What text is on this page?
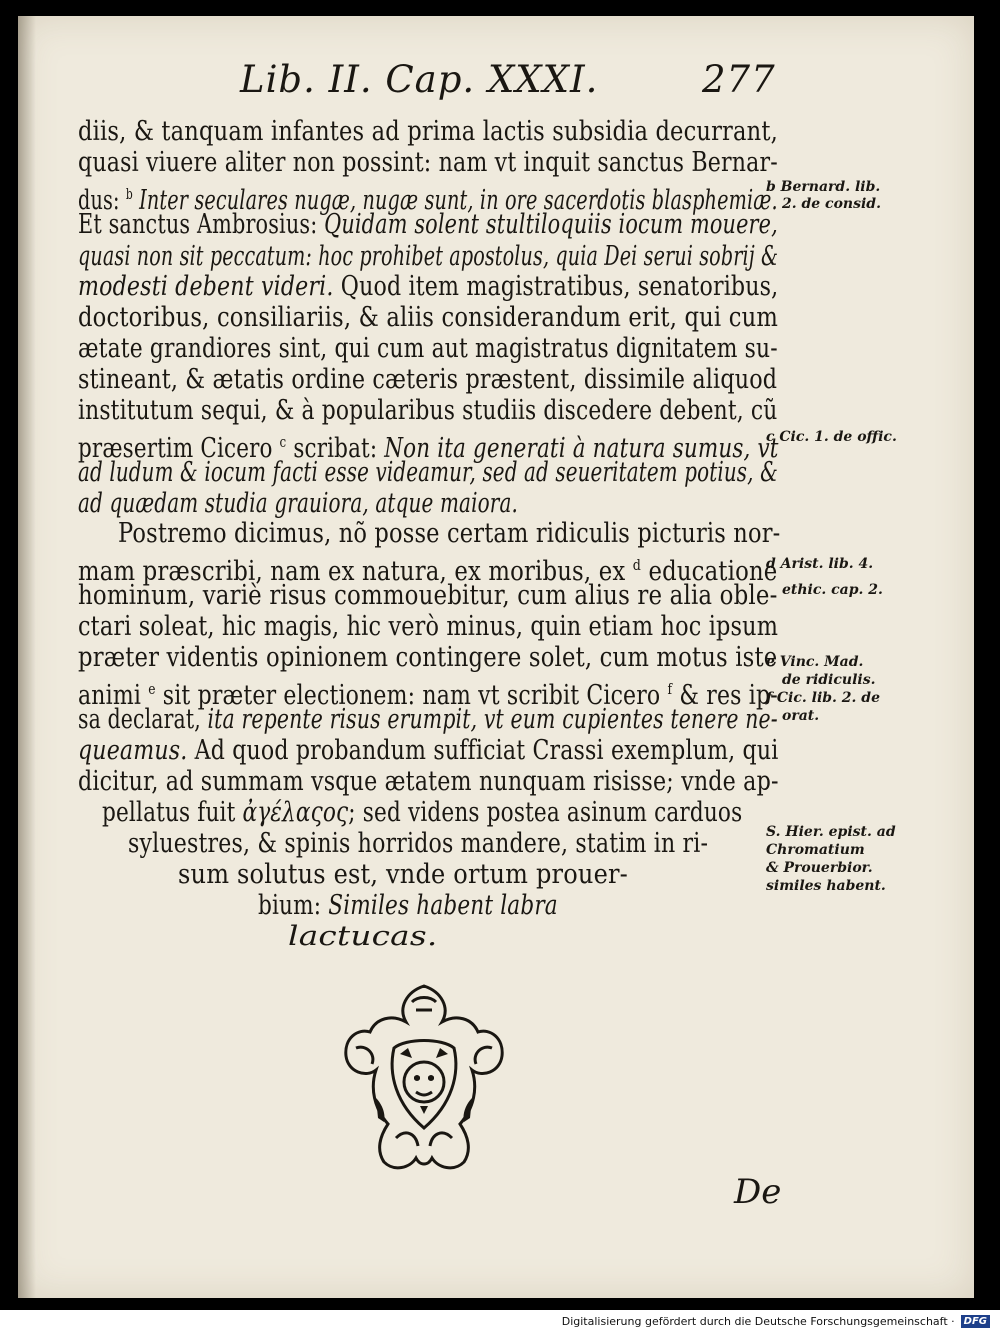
Lib. II. Cap. XXXI.	277
diis, & tanquam infantes ad prima lactis subsidia decurrant,
quasi viuere aliter non possint: nam vt inquit sanctus Bernar-
dus: $^b$ Inter seculares nugæ, nugæ sunt, in ore sacerdotis blasphemiæ.
Et sanctus Ambrosius: Quidam solent stultiloquiis iocum mouere,
quasi non sit peccatum: hoc prohibet apostolus, quia Dei serui sobrij &
modesti debent videri. Quod item magistratibus, senatoribus,
doctoribus, consiliariis, & aliis considerandum erit, qui cum
ætate grandiores sint, qui cum aut magistratus dignitatem su-
stineant, & ætatis ordine cæteris præstent, dissimile aliquod
institutum sequi, & à popularibus studiis discedere debent, cũ
præsertim Cicero $^c$ scribat: Non ita generati à natura sumus, vt
ad ludum & iocum facti esse videamur, sed ad seueritatem potius, &
ad quædam studia grauiora, atque maiora.
Postremo dicimus, nõ posse certam ridiculis picturis nor-
mam præscribi, nam ex natura, ex moribus, ex $^d$ educatione
hominum, variè risus commouebitur, cum alius re alia oble-
ctari soleat, hic magis, hic verò minus, quin etiam hoc ipsum
præter videntis opinionem contingere solet, cum motus iste
animi $^e$ sit præter electionem: nam vt scribit Cicero $^f$ & res ip-
sa declarat, ita repente risus erumpit, vt eum cupientes tenere ne-
queamus. Ad quod probandum sufficiat Crassi exemplum, qui
dicitur, ad summam vsque ætatem nunquam risisse; vnde ap-
pellatus fuit ἀγέλαςος; sed videns postea asinum carduos
syluestres, & spinis horridos mandere, statim in ri-
sum solutus est, vnde ortum prouer-
bium: Similes habent labra
lactucas.
b Bernard. lib.
2. de consid.
c Cic. 1. de offic.
d Arist. lib. 4.
ethic. cap. 2.
e Vinc. Mad.
de ridiculis.
f Cic. lib. 2. de
orat.
S. Hier. epist. ad
Chromatium
& Prouerbior.
similes habent.
De
Digitalisierung gefördert durch die Deutsche Forschungsgemeinschaft · DFG
